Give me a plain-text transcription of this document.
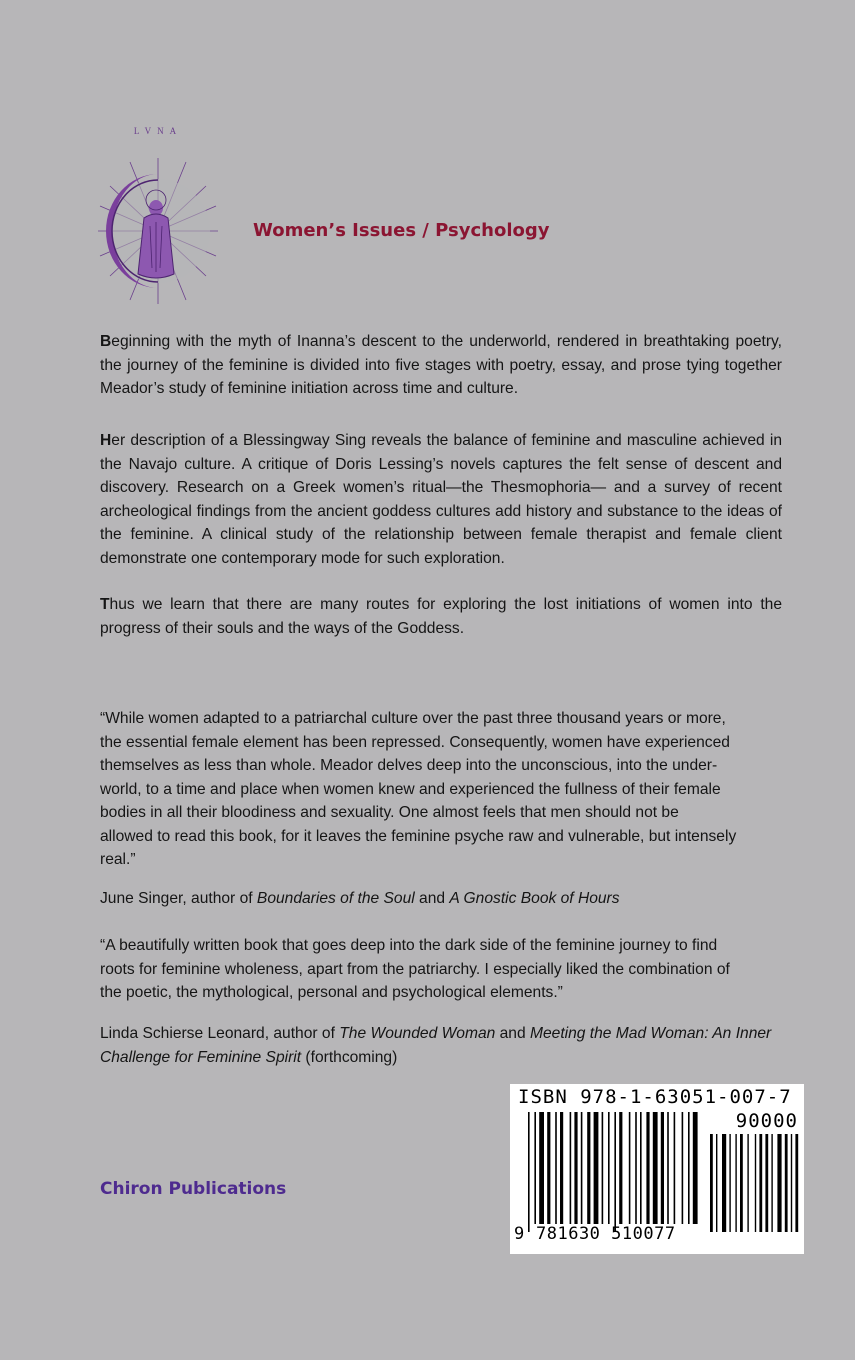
LVNA
Women’s Issues / Psychology

Beginning with the myth of Inanna’s descent to the underworld, rendered in breathtaking poetry, the journey of the feminine is divided into five stages with poetry, essay, and prose tying together Meador’s study of feminine initiation across time and culture.

Her description of a Blessingway Sing reveals the balance of feminine and masculine achieved in the Navajo culture. A critique of Doris Lessing’s novels captures the felt sense of descent and discovery. Research on a Greek women’s ritual—the Thesmophoria— and a survey of recent archeological findings from the ancient goddess cultures add history and substance to the ideas of the feminine. A clinical study of the relationship between female therapist and female client demonstrate one contemporary mode for such exploration.

Thus we learn that there are many routes for exploring the lost initiations of women into the progress of their souls and the ways of the Goddess.

“While women adapted to a patriarchal culture over the past three thousand years or more,
the essential female element has been repressed. Consequently, women have experienced
themselves as less than whole. Meador delves deep into the unconscious, into the under-
world, to a time and place when women knew and experienced the fullness of their female
bodies in all their bloodiness and sexuality. One almost feels that men should not be
allowed to read this book, for it leaves the feminine psyche raw and vulnerable, but intensely
real.”

June Singer, author of Boundaries of the Soul and A Gnostic Book of Hours

“A beautifully written book that goes deep into the dark side of the feminine journey to find
roots for feminine wholeness, apart from the patriarchy. I especially liked the combination of
the poetic, the mythological, personal and psychological elements.”

Linda Schierse Leonard, author of The Wounded Woman and Meeting the Mad Woman: An Inner Challenge for Feminine Spirit (forthcoming)

Chiron Publications
ISBN 978-1-63051-007-7
90000
9 781630 510077
